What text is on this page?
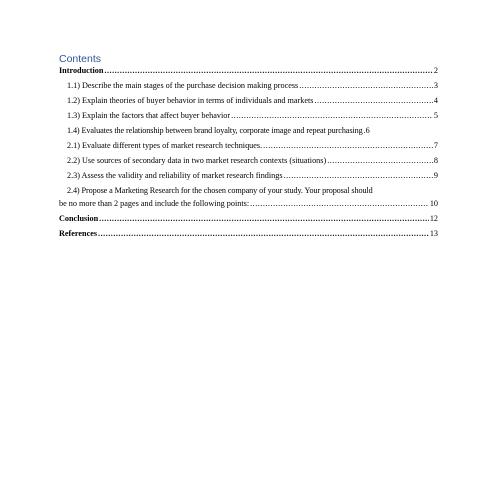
Contents
Introduction .....	2
1.1) Describe the main stages of the purchase decision making process .....	3
1.2) Explain theories of buyer behavior in terms of individuals and markets .....	4
1.3) Explain the factors that affect buyer behavior .....	5
1.4) Evaluates the relationship between brand loyalty, corporate image and repeat purchasing ..... 6
2.1) Evaluate different types of market research techniques. .....	7
2.2) Use sources of secondary data in two market research contexts (situations) .....	8
2.3) Assess the validity and reliability of market research findings .....	9
2.4) Propose a Marketing Research for the chosen company of your study. Your proposal should
be no more than 2 pages and include the following points: .....	10
Conclusion .....	12
References .....	13
